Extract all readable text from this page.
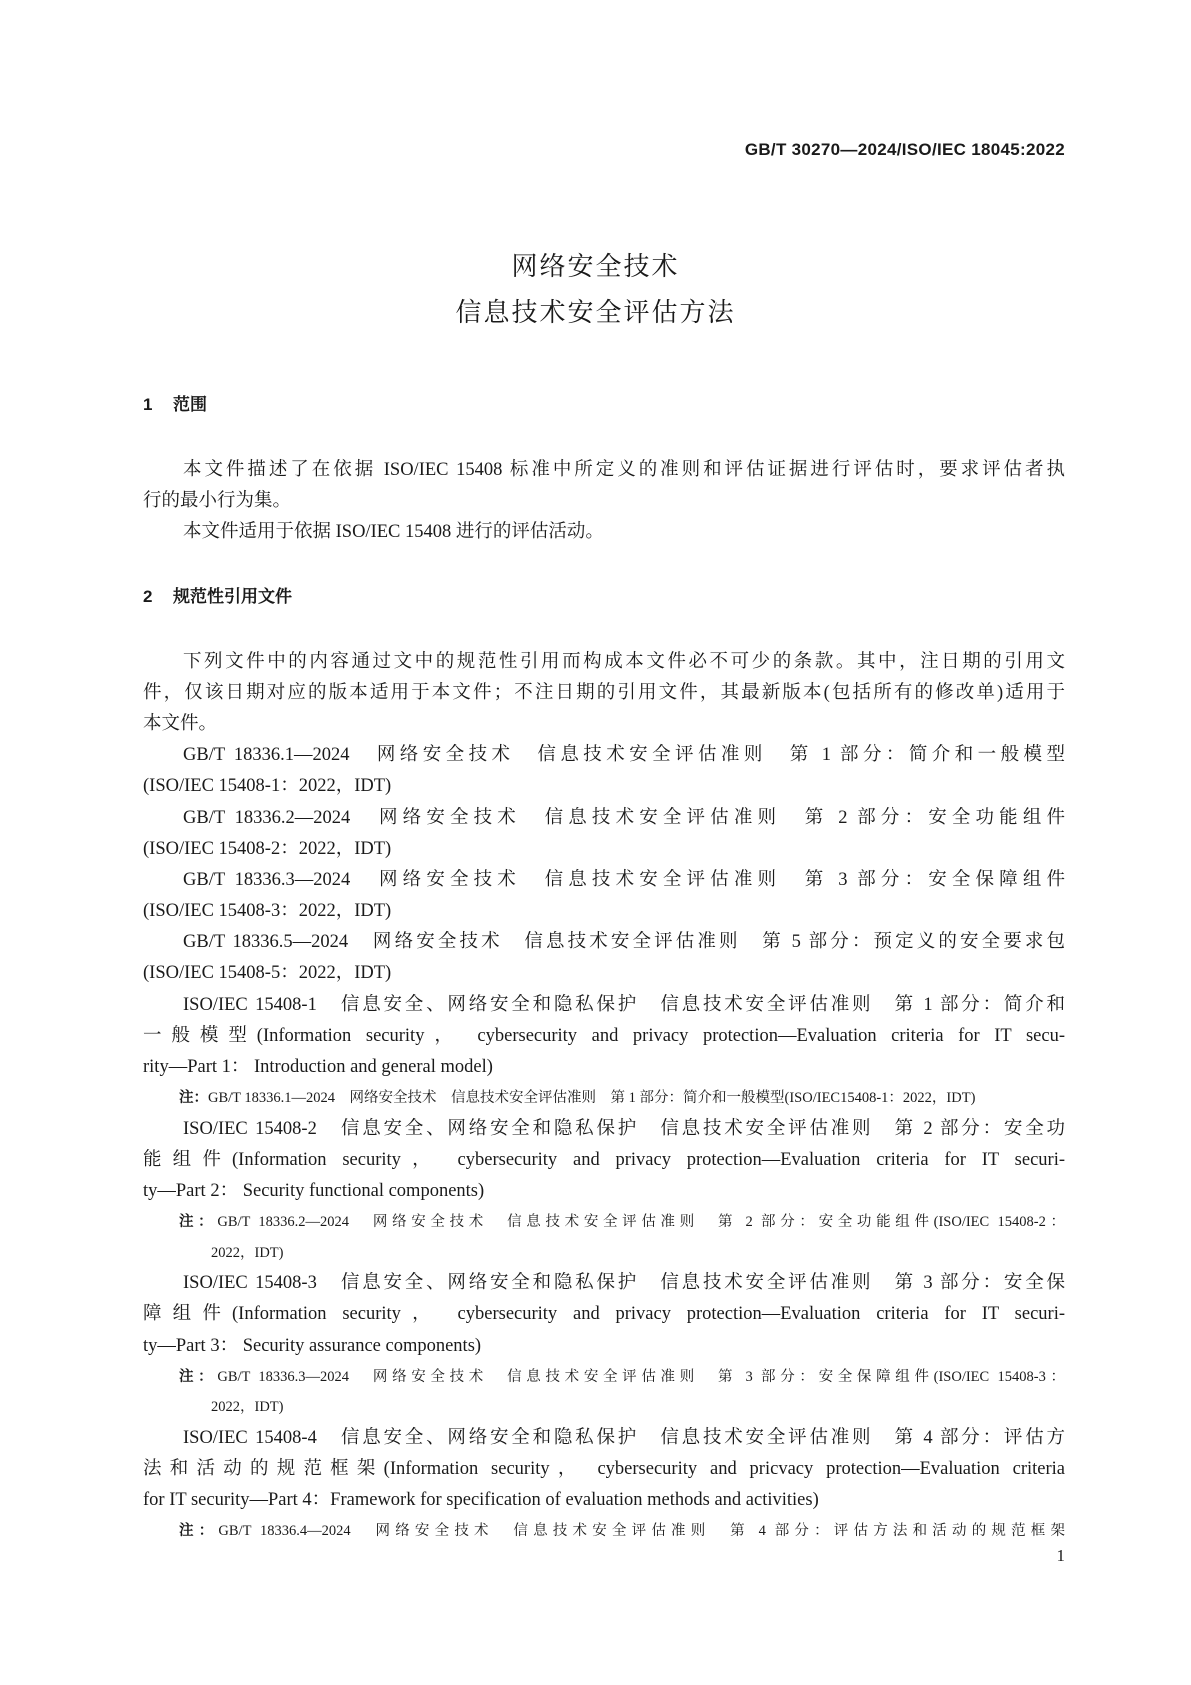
GB/T 30270—2024/ISO/IEC 18045:2022
网络安全技术
信息技术安全评估方法
1 范围
本文件描述了在依据 ISO/IEC 15408 标准中所定义的准则和评估证据进行评估时，要求评估者执
行的最小行为集。
本文件适用于依据 ISO/IEC 15408 进行的评估活动。
2 规范性引用文件
下列文件中的内容通过文中的规范性引用而构成本文件必不可少的条款。其中，注日期的引用文
件，仅该日期对应的版本适用于本文件；不注日期的引用文件，其最新版本(包括所有的修改单)适用于
本文件。
GB/T 18336.1—2024　网络安全技术　信息技术安全评估准则　第 1 部分：简介和一般模型
(ISO/IEC 15408-1：2022，IDT)
GB/T 18336.2—2024　网络安全技术　信息技术安全评估准则　第 2 部分：安全功能组件
(ISO/IEC 15408-2：2022，IDT)
GB/T 18336.3—2024　网络安全技术　信息技术安全评估准则　第 3 部分：安全保障组件
(ISO/IEC 15408-3：2022，IDT)
GB/T 18336.5—2024　网络安全技术　信息技术安全评估准则　第 5 部分：预定义的安全要求包
(ISO/IEC 15408-5：2022，IDT)
ISO/IEC 15408-1　信息安全、网络安全和隐私保护　信息技术安全评估准则　第 1 部分：简介和
一般模型(Information security， cybersecurity and privacy protection—Evaluation criteria for IT secu-
rity—Part 1： Introduction and general model)
注：GB/T 18336.1—2024　网络安全技术　信息技术安全评估准则　第 1 部分：简介和一般模型(ISO/IEC15408-1：2022，IDT)
ISO/IEC 15408-2　信息安全、网络安全和隐私保护　信息技术安全评估准则　第 2 部分：安全功
能组件(Information security， cybersecurity and privacy protection—Evaluation criteria for IT securi-
ty—Part 2： Security functional components)
注：GB/T 18336.2—2024　网络安全技术　信息技术安全评估准则　第 2 部分：安全功能组件(ISO/IEC 15408-2：
2022，IDT)
ISO/IEC 15408-3　信息安全、网络安全和隐私保护　信息技术安全评估准则　第 3 部分：安全保
障组件(Information security， cybersecurity and privacy protection—Evaluation criteria for IT securi-
ty—Part 3： Security assurance components)
注：GB/T 18336.3—2024　网络安全技术　信息技术安全评估准则　第 3 部分：安全保障组件(ISO/IEC 15408-3：
2022，IDT)
ISO/IEC 15408-4　信息安全、网络安全和隐私保护　信息技术安全评估准则　第 4 部分：评估方
法和活动的规范框架(Information security， cybersecurity and pricvacy protection—Evaluation criteria
for IT security—Part 4：Framework for specification of evaluation methods and activities)
注：GB/T 18336.4—2024　网络安全技术　信息技术安全评估准则　第 4 部分：评估方法和活动的规范框架
1
